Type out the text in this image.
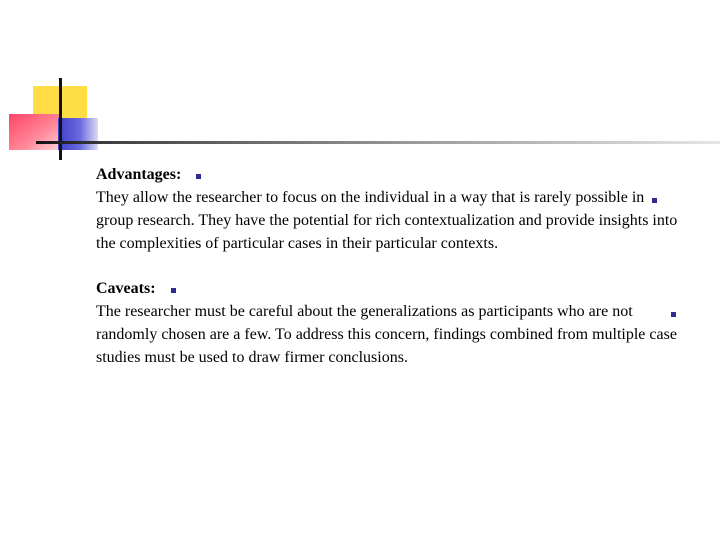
Advantages:

They allow the researcher to focus on the individual in a way that is rarely possible in group research. They have the potential for rich contextualization and provide insights into the complexities of particular cases in their particular contexts.

Caveats:

The researcher must be careful about the generalizations as participants who are not randomly chosen are a few. To address this concern, findings combined from multiple case studies must be used to draw firmer conclusions.
